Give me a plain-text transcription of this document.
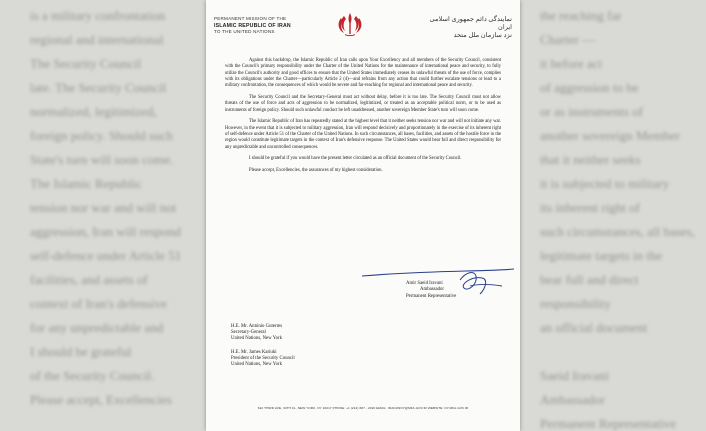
is a military confrontation
regional and international
The Security Council
late. The Security Council
normalized, legitimized,
foreign policy. Should such
State's turn will soon come.
The Islamic Republic
tension nor war and will not
aggression, Iran will respond
self-defence under Article 51
facilities, and assets of
context of Iran's defensive
for any unpredictable and
I should be grateful
of the Security Council.
Please accept, Excellencies
the reaching far
Charter —
it before act
of aggression to be
or as instruments of
another sovereign Member
that it neither seeks
it is subjected to military
its inherent right of
such circumstances, all bases,
legitimate targets in the
bear full and direct
responsibility
an official document
Saeid Iravani
Ambassador
Permanent Representative
PERMANENT MISSION OF THE
ISLAMIC REPUBLIC OF IRAN
TO THE UNITED NATIONS
نمایندگی دائم جمهوری اسلامی ایران
نزد سازمان ملل متحد

Against this backdrop, the Islamic Republic of Iran calls upon Your Excellency and all members of the Security Council, consistent with the Council's primary responsibility under the Charter of the United Nations for the maintenance of international peace and security, to fully utilize the Council's authority and good offices to ensure that the United States immediately ceases its unlawful threats of the use of force, complies with its obligations under the Charter—particularly Article 2 (4)—and refrains from any action that could further escalate tensions or lead to a military confrontation, the consequences of which would be severe and far-reaching for regional and international peace and security.

The Security Council and the Secretary-General must act without delay, before it is too late. The Security Council must not allow threats of the use of force and acts of aggression to be normalized, legitimized, or treated as an acceptable political norm, or to be used as instruments of foreign policy. Should such unlawful conduct be left unaddressed, another sovereign Member State's turn will soon come.

The Islamic Republic of Iran has repeatedly stated at the highest level that it neither seeks tension nor war and will not initiate any war. However, in the event that it is subjected to military aggression, Iran will respond decisively and proportionately in the exercise of its inherent right of self-defence under Article 51 of the Charter of the United Nations. In such circumstances, all bases, facilities, and assets of the hostile force in the region would constitute legitimate targets in the context of Iran's defensive response. The United States would bear full and direct responsibility for any unpredictable and uncontrolled consequences.

I should be grateful if you would have the present letter circulated as an official document of the Security Council.

Please accept, Excellencies, the assurances of my highest consideration.

Amir Saeid Iravani
Ambassador
Permanent Representative
H.E. Mr. António Guterres
Secretary-General
United Nations, New York
H.E. Mr. James Kariuki
President of the Security Council
United Nations, New York
622 THIRD AVE, 34TH FL, NEW YORK, NY 10017 PHONE: +1 (212) 687 - 2020 EMAIL: IRANUNNY@MFA.GOV.IR WEBSITE: NY.MFA.GOV.IR
